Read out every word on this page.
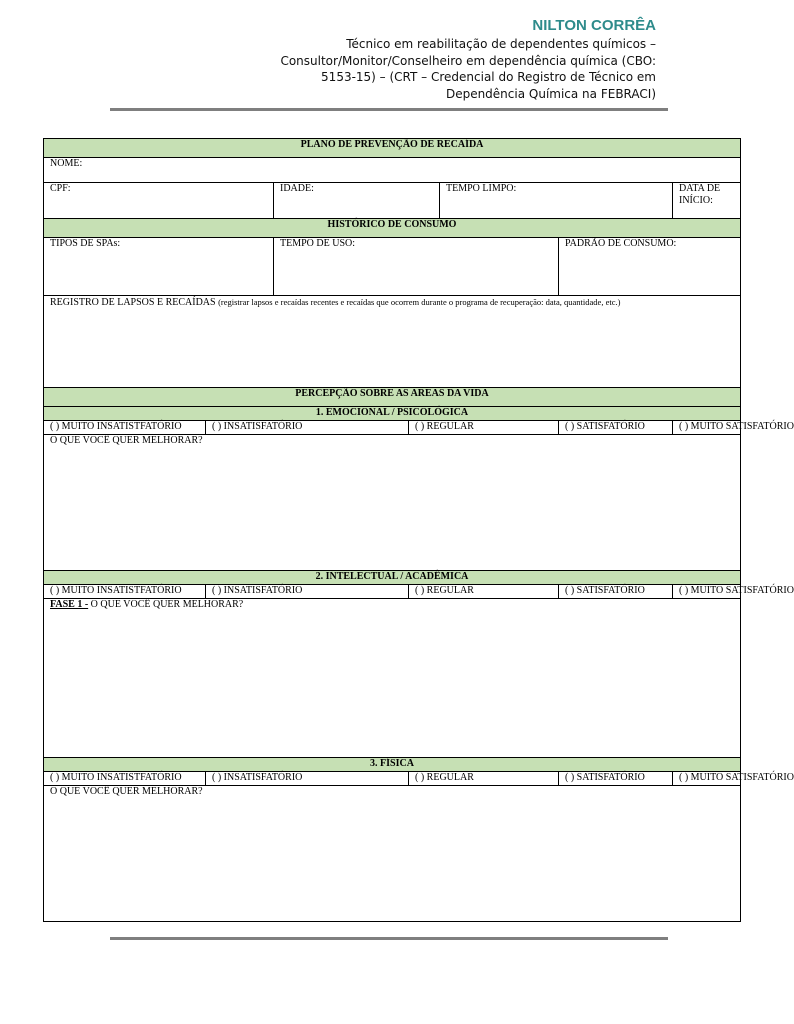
NILTON CORRÊA
Técnico em reabilitação de dependentes químicos –
Consultor/Monitor/Conselheiro em dependência química (CBO:
5153-15) – (CRT – Credencial do Registro de Técnico em
Dependência Química na FEBRACI)
PLANO DE PREVENÇÃO DE RECAÍDA						
NOME:						
CPF:		IDADE:		TEMPO LIMPO:		DATA DE INÍCIO:
HISTÓRICO DE CONSUMO						
TIPOS DE SPAs:		TEMPO DE USO:			PADRÃO DE CONSUMO:	
REGISTRO DE LAPSOS E RECAÍDAS (registrar lapsos e recaídas recentes e recaídas que ocorrem durante o programa de recuperação: data, quantidade, etc.)						
PERCEPÇÃO SOBRE AS AREAS DA VIDA						
1. EMOCIONAL / PSICOLÓGICA						
( ) MUITO INSATISTFATÓRIO	( ) INSATISFATÓRIO		( ) REGULAR		( ) SATISFATÓRIO	( ) MUITO SATISFATÓRIO
O QUE VOCÊ QUER MELHORAR?						
2. INTELECTUAL / ACADÊMICA						
( ) MUITO INSATISTFATÓRIO	( ) INSATISFATÓRIO		( ) REGULAR		( ) SATISFATÓRIO	( ) MUITO SATISFATÓRIO
FASE 1 - O QUE VOCÊ QUER MELHORAR?						
3. FÍSICA						
( ) MUITO INSATISTFATÓRIO	( ) INSATISFATÓRIO		( ) REGULAR		( ) SATISFATÓRIO	( ) MUITO SATISFATÓRIO
O QUE VOCÊ QUER MELHORAR?						
